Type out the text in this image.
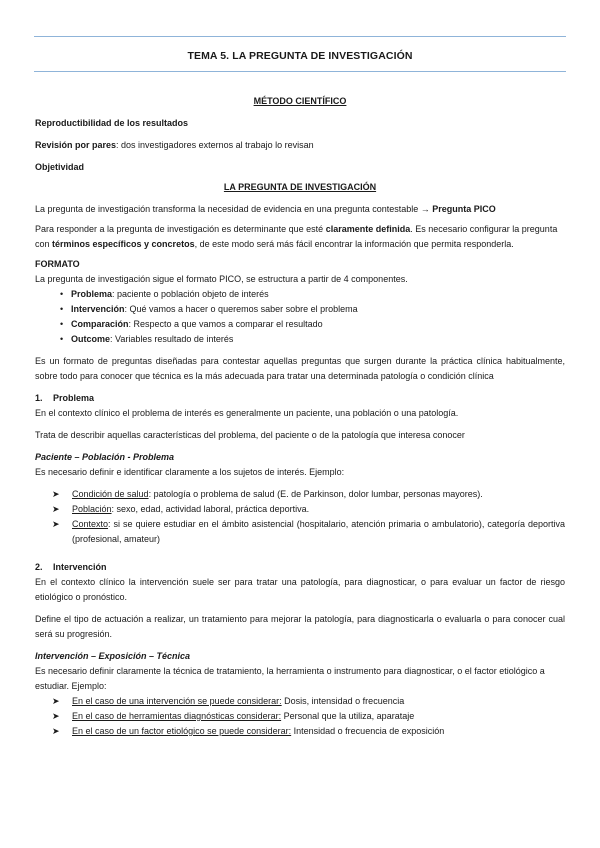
TEMA 5. LA PREGUNTA DE INVESTIGACIÓN

MÉTODO CIENTÍFICO

Reproductibilidad de los resultados

Revisión por pares: dos investigadores externos al trabajo lo revisan

Objetividad

LA PREGUNTA DE INVESTIGACIÓN

La pregunta de investigación transforma la necesidad de evidencia en una pregunta contestable → Pregunta PICO

Para responder a la pregunta de investigación es determinante que esté claramente definida. Es necesario configurar la pregunta con términos específicos y concretos, de este modo será más fácil encontrar la información que permita responderla.

FORMATO

La pregunta de investigación sigue el formato PICO, se estructura a partir de 4 componentes.

• Problema: paciente o población objeto de interés
• Intervención: Qué vamos a hacer o queremos saber sobre el problema
• Comparación: Respecto a que vamos a comparar el resultado
• Outcome: Variables resultado de interés

Es un formato de preguntas diseñadas para contestar aquellas preguntas que surgen durante la práctica clínica habitualmente, sobre todo para conocer que técnica es la más adecuada para tratar una determinada patología o condición clínica

1. Problema

En el contexto clínico el problema de interés es generalmente un paciente, una población o una patología.

Trata de describir aquellas características del problema, del paciente o de la patología que interesa conocer

Paciente – Población - Problema

Es necesario definir e identificar claramente a los sujetos de interés. Ejemplo:

➤ Condición de salud: patología o problema de salud (E. de Parkinson, dolor lumbar, personas mayores).
➤ Población: sexo, edad, actividad laboral, práctica deportiva.
➤ Contexto: si se quiere estudiar en el ámbito asistencial (hospitalario, atención primaria o ambulatorio), categoría deportiva (profesional, amateur)

2. Intervención

En el contexto clínico la intervención suele ser para tratar una patología, para diagnosticar, o para evaluar un factor de riesgo etiológico o pronóstico.

Define el tipo de actuación a realizar, un tratamiento para mejorar la patología, para diagnosticarla o evaluarla o para conocer cual será su progresión.

Intervención – Exposición – Técnica

Es necesario definir claramente la técnica de tratamiento, la herramienta o instrumento para diagnosticar, o el factor etiológico a estudiar. Ejemplo:

➤ En el caso de una intervención se puede considerar: Dosis, intensidad o frecuencia
➤ En el caso de herramientas diagnósticas considerar: Personal que la utiliza, aparataje
➤ En el caso de un factor etiológico se puede considerar: Intensidad o frecuencia de exposición
